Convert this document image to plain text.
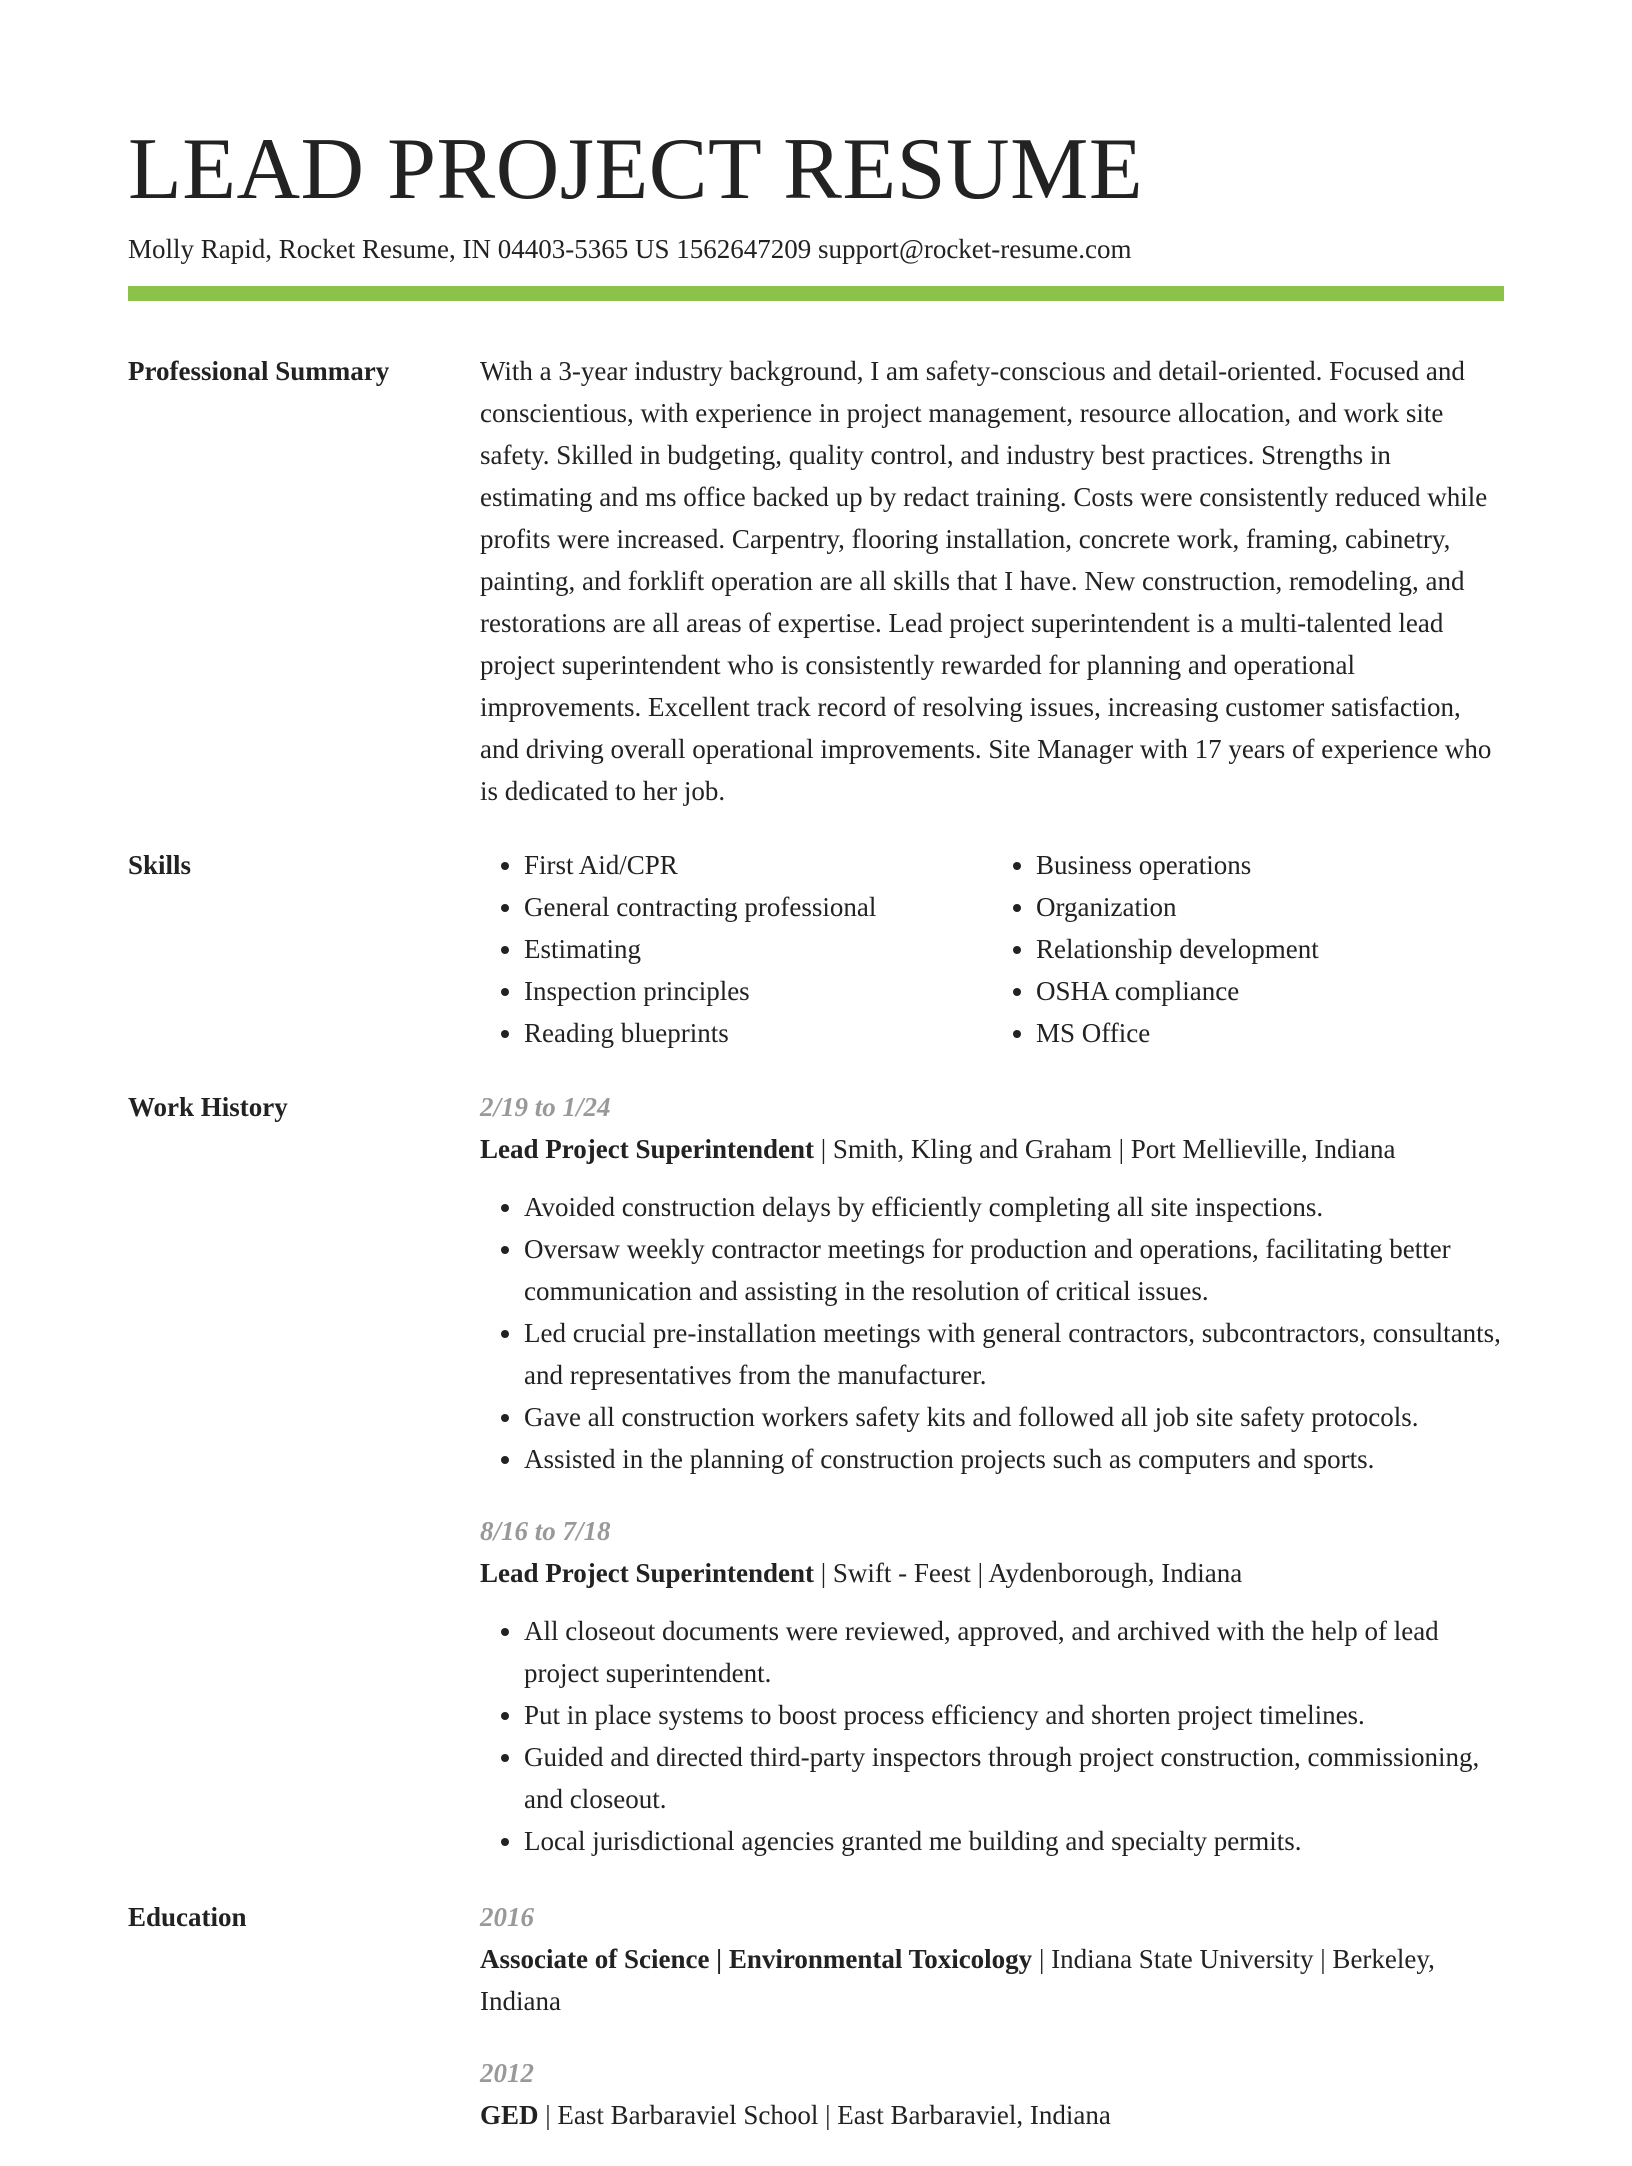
LEAD PROJECT RESUME
Molly Rapid, Rocket Resume, IN 04403-5365 US 1562647209 support@rocket-resume.com
Professional Summary	With a 3-year industry background, I am safety-conscious and detail-oriented. Focused and conscientious, with experience in project management, resource allocation, and work site safety. Skilled in budgeting, quality control, and industry best practices. Strengths in estimating and ms office backed up by redact training. Costs were consistently reduced while profits were increased. Carpentry, flooring installation, concrete work, framing, cabinetry, painting, and forklift operation are all skills that I have. New construction, remodeling, and restorations are all areas of expertise. Lead project superintendent is a multi-talented lead project superintendent who is consistently rewarded for planning and operational improvements. Excellent track record of resolving issues, increasing customer satisfaction, and driving overall operational improvements. Site Manager with 17 years of experience who is dedicated to her job.

Skills
•	First Aid/CPR
• General contracting professional
• Estimating
• Inspection principles
• Reading blueprints
• Business operations
• Organization
• Relationship development
• OSHA compliance
• MS Office
Work History	2/19 to 1/24
Lead Project Superintendent | Smith, Kling and Graham | Port Mellieville, Indiana
• Avoided construction delays by efficiently completing all site inspections.
• Oversaw weekly contractor meetings for production and operations, facilitating better communication and assisting in the resolution of critical issues.
• Led crucial pre-installation meetings with general contractors, subcontractors, consultants, and representatives from the manufacturer.
• Gave all construction workers safety kits and followed all job site safety protocols.
• Assisted in the planning of construction projects such as computers and sports.
8/16 to 7/18
Lead Project Superintendent | Swift - Feest | Aydenborough, Indiana
• All closeout documents were reviewed, approved, and archived with the help of lead project superintendent.
• Put in place systems to boost process efficiency and shorten project timelines.
• Guided and directed third-party inspectors through project construction, commissioning, and closeout.
• Local jurisdictional agencies granted me building and specialty permits.
Education	2016
Associate of Science | Environmental Toxicology | Indiana State University | Berkeley, Indiana
2012
GED | East Barbaraviel School | East Barbaraviel, Indiana
